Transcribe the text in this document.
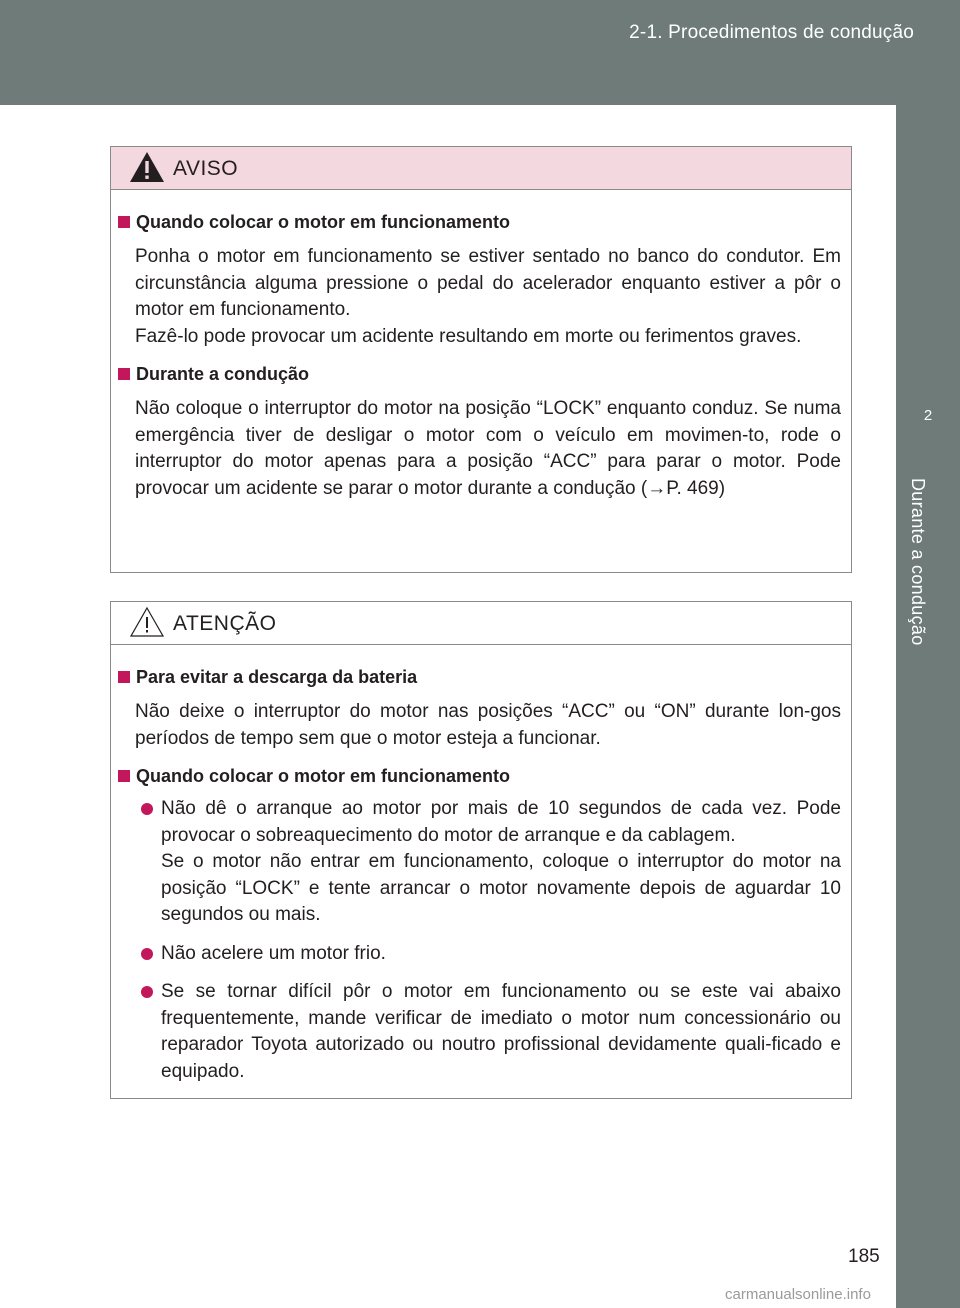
2-1. Procedimentos de condução
2
Durante a condução
AVISO
Quando colocar o motor em funcionamento
Ponha o motor em funcionamento se estiver sentado no banco do condutor. Em circunstância alguma pressione o pedal do acelerador enquanto estiver a pôr o motor em funcionamento.
Fazê-lo pode provocar um acidente resultando em morte ou ferimentos graves.
Durante a condução
Não coloque o interruptor do motor na posição “LOCK” enquanto conduz. Se numa emergência tiver de desligar o motor com o veículo em movimen-to, rode o interruptor do motor apenas para a posição “ACC” para parar o motor. Pode provocar um acidente se parar o motor durante a condução (→P. 469)
ATENÇÃO
Para evitar a descarga da bateria
Não deixe o interruptor do motor nas posições “ACC” ou “ON” durante lon-gos períodos de tempo sem que o motor esteja a funcionar.
Quando colocar o motor em funcionamento
Não dê o arranque ao motor por mais de 10 segundos de cada vez. Pode provocar o sobreaquecimento do motor de arranque e da cablagem.
Se o motor não entrar em funcionamento, coloque o interruptor do motor na posição “LOCK” e tente arrancar o motor novamente depois de aguardar 10 segundos ou mais.
Não acelere um motor frio.
Se se tornar difícil pôr o motor em funcionamento ou se este vai abaixo frequentemente, mande verificar de imediato o motor num concessionário ou reparador Toyota autorizado ou noutro profissional devidamente quali-ficado e equipado.
185
carmanualsonline.info
